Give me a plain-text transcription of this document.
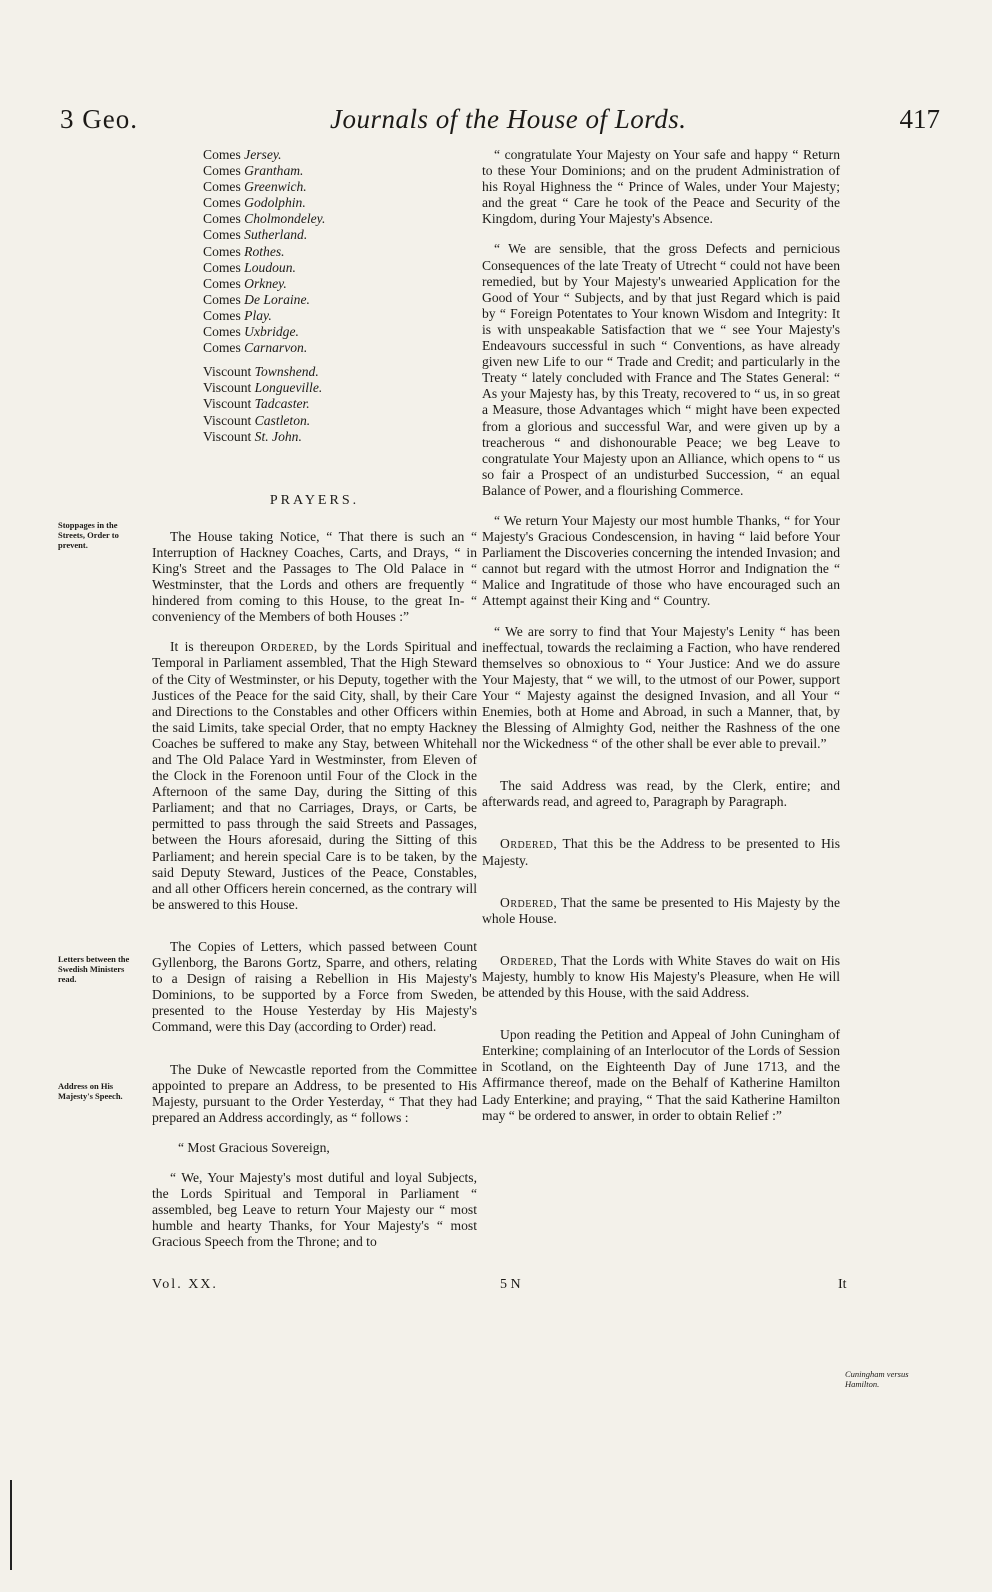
3 Geo.	Journals of the House of Lords.	417
Stoppages in the Streets, Order to prevent.
Letters between the Swedish Ministers read.
Address on His Majesty's Speech.
Cuningham versus Hamilton.
Comes Jersey.
Comes Grantham.
Comes Greenwich.
Comes Godolphin.
Comes Cholmondeley.
Comes Sutherland.
Comes Rothes.
Comes Loudoun.
Comes Orkney.
Comes De Loraine.
Comes Play.
Comes Uxbridge.
Comes Carnarvon.
Viscount Townshend.
Viscount Longueville.
Viscount Tadcaster.
Viscount Castleton.
Viscount St. John.
PRAYERS.

The House taking Notice, “ That there is such an “ Interruption of Hackney Coaches, Carts, and Drays, “ in King's Street and the Passages to The Old Palace in “ Westminster, that the Lords and others are frequently “ hindered from coming to this House, to the great In- “ conveniency of the Members of both Houses :”

It is thereupon Ordered, by the Lords Spiritual and Temporal in Parliament assembled, That the High Steward of the City of Westminster, or his Deputy, together with the Justices of the Peace for the said City, shall, by their Care and Directions to the Constables and other Officers within the said Limits, take special Order, that no empty Hackney Coaches be suffered to make any Stay, between Whitehall and The Old Palace Yard in Westminster, from Eleven of the Clock in the Forenoon until Four of the Clock in the Afternoon of the same Day, during the Sitting of this Parliament; and that no Carriages, Drays, or Carts, be permitted to pass through the said Streets and Passages, between the Hours aforesaid, during the Sitting of this Parliament; and herein special Care is to be taken, by the said Deputy Steward, Justices of the Peace, Constables, and all other Officers herein concerned, as the contrary will be answered to this House.

The Copies of Letters, which passed between Count Gyllenborg, the Barons Gortz, Sparre, and others, relating to a Design of raising a Rebellion in His Majesty's Dominions, to be supported by a Force from Sweden, presented to the House Yesterday by His Majesty's Command, were this Day (according to Order) read.

The Duke of Newcastle reported from the Committee appointed to prepare an Address, to be presented to His Majesty, pursuant to the Order Yesterday, “ That they had prepared an Address accordingly, as “ follows :

“ Most Gracious Sovereign,

“ We, Your Majesty's most dutiful and loyal Subjects, the Lords Spiritual and Temporal in Parliament “ assembled, beg Leave to return Your Majesty our “ most humble and hearty Thanks, for Your Majesty's “ most Gracious Speech from the Throne; and to

“ congratulate Your Majesty on Your safe and happy “ Return to these Your Dominions; and on the prudent Administration of his Royal Highness the “ Prince of Wales, under Your Majesty; and the great “ Care he took of the Peace and Security of the Kingdom, during Your Majesty's Absence.

“ We are sensible, that the gross Defects and pernicious Consequences of the late Treaty of Utrecht “ could not have been remedied, but by Your Majesty's unwearied Application for the Good of Your “ Subjects, and by that just Regard which is paid by “ Foreign Potentates to Your known Wisdom and Integrity: It is with unspeakable Satisfaction that we “ see Your Majesty's Endeavours successful in such “ Conventions, as have already given new Life to our “ Trade and Credit; and particularly in the Treaty “ lately concluded with France and The States General: “ As your Majesty has, by this Treaty, recovered to “ us, in so great a Measure, those Advantages which “ might have been expected from a glorious and successful War, and were given up by a treacherous “ and dishonourable Peace; we beg Leave to congratulate Your Majesty upon an Alliance, which opens to “ us so fair a Prospect of an undisturbed Succession, “ an equal Balance of Power, and a flourishing Commerce.

“ We return Your Majesty our most humble Thanks, “ for Your Majesty's Gracious Condescension, in having “ laid before Your Parliament the Discoveries concerning the intended Invasion; and cannot but regard with the utmost Horror and Indignation the “ Malice and Ingratitude of those who have encouraged such an Attempt against their King and “ Country.

“ We are sorry to find that Your Majesty's Lenity “ has been ineffectual, towards the reclaiming a Faction, who have rendered themselves so obnoxious to “ Your Justice: And we do assure Your Majesty, that “ we will, to the utmost of our Power, support Your “ Majesty against the designed Invasion, and all Your “ Enemies, both at Home and Abroad, in such a Manner, that, by the Blessing of Almighty God, neither the Rashness of the one nor the Wickedness “ of the other shall be ever able to prevail.”

The said Address was read, by the Clerk, entire; and afterwards read, and agreed to, Paragraph by Paragraph.

Ordered, That this be the Address to be presented to His Majesty.

Ordered, That the same be presented to His Majesty by the whole House.

Ordered, That the Lords with White Staves do wait on His Majesty, humbly to know His Majesty's Pleasure, when He will be attended by this House, with the said Address.

Upon reading the Petition and Appeal of John Cuningham of Enterkine; complaining of an Interlocutor of the Lords of Session in Scotland, on the Eighteenth Day of June 1713, and the Affirmance thereof, made on the Behalf of Katherine Hamilton Lady Enterkine; and praying, “ That the said Katherine Hamilton may “ be ordered to answer, in order to obtain Relief :”

Vol. XX.	5 N	It
